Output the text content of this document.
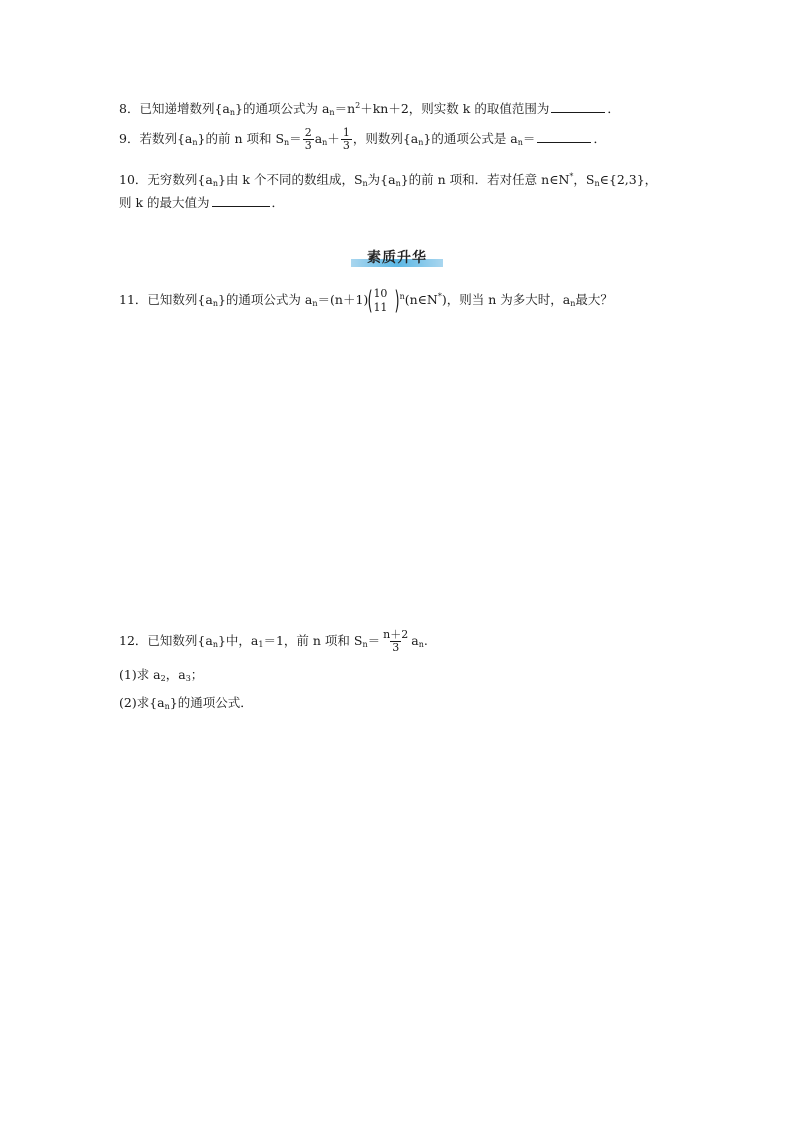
8．已知递增数列$\{a_n\}$的通项公式为 $a_n=n^2+kn+2$，则实数 k 的取值范围为	．
9．若数列$\{a_n\}$的前 n 项和 $S_n= \frac{2}{3} a_n+ \frac{1}{3}$ ，则数列$\{a_n\}$的通项公式是 $a_n=$	．
10．无穷数列$\{a_n\}$由 k 个不同的数组成，$S_n$为$\{a_n\}$的前 n 项和．若对任意 n∈N*，$S_n\in\{2,3\}$，
则 k 的最大值为	．
素质升华
11．已知数列$\{a_n\}$的通项公式为 $a_n=(n+1)$( 10
11 )$^n$(n∈N*)，则当 n 为多大时，$a_n$最大？
12．已知数列$\{a_n\}$中，$a_1=1$，前 n 项和 $S_n= \frac{n+2}{3} a_n$.
(1)求 $a_2$，$a_3$；
(2)求$\{a_n\}$的通项公式．
